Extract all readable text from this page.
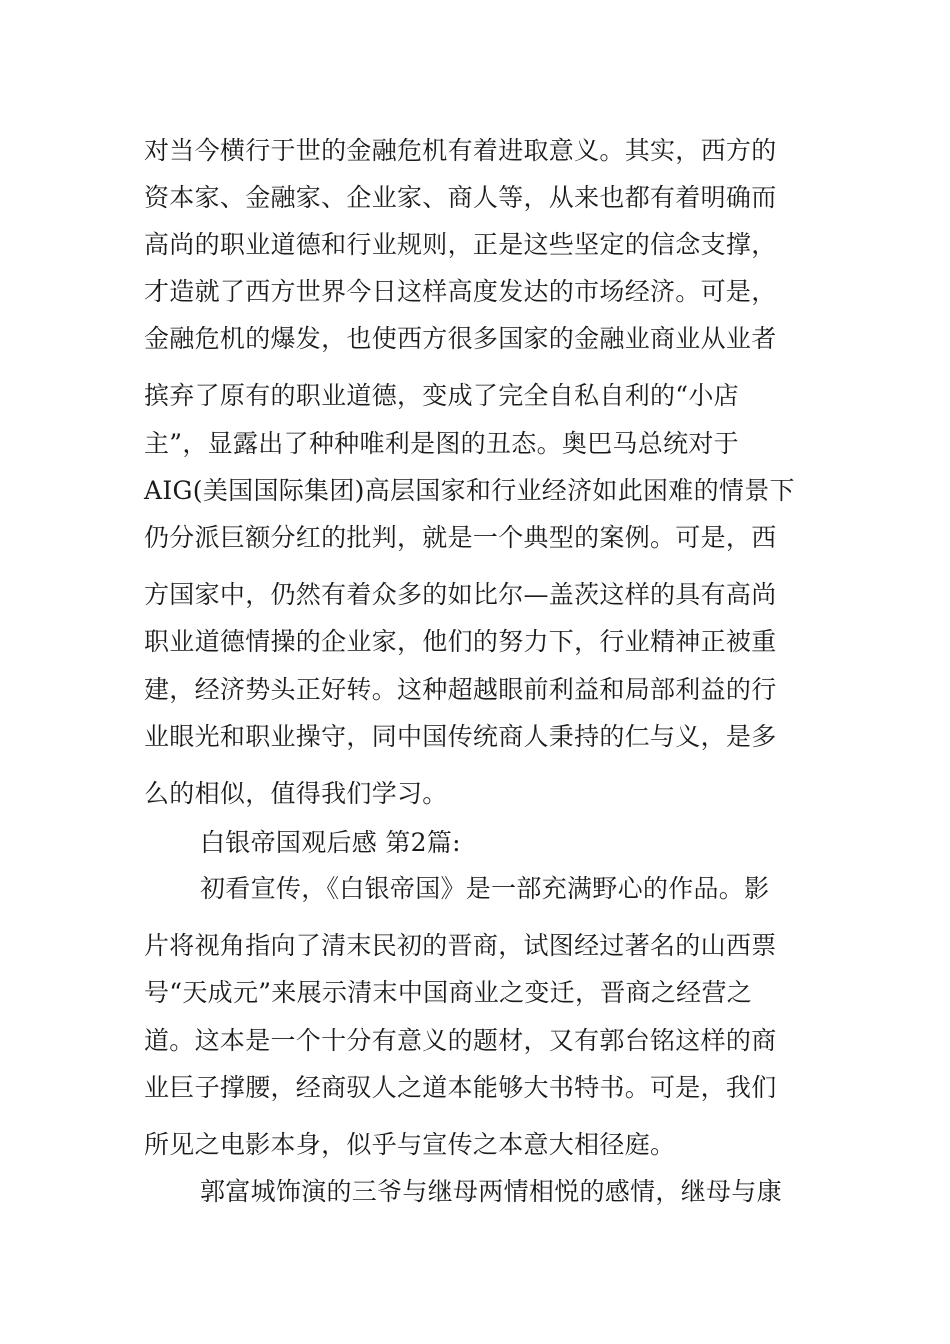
对当今横行于世的金融危机有着进取意义。其实，西方的
资本家、金融家、企业家、商人等，从来也都有着明确而
高尚的职业道德和行业规则，正是这些坚定的信念支撑，
才造就了西方世界今日这样高度发达的市场经济。可是，
金融危机的爆发，也使西方很多国家的金融业商业从业者
摈弃了原有的职业道德，变成了完全自私自利的“小店
主”，显露出了种种唯利是图的丑态。奥巴马总统对于
AIG(美国国际集团)高层国家和行业经济如此困难的情景下
仍分派巨额分红的批判，就是一个典型的案例。可是，西
方国家中，仍然有着众多的如比尔—盖茨这样的具有高尚
职业道德情操的企业家，他们的努力下，行业精神正被重
建，经济势头正好转。这种超越眼前利益和局部利益的行
业眼光和职业操守，同中国传统商人秉持的仁与义，是多
么的相似，值得我们学习。
白银帝国观后感 第2篇:
初看宣传，《白银帝国》是一部充满野心的作品。影
片将视角指向了清末民初的晋商，试图经过著名的山西票
号“天成元”来展示清末中国商业之变迁，晋商之经营之
道。这本是一个十分有意义的题材，又有郭台铭这样的商
业巨子撑腰，经商驭人之道本能够大书特书。可是，我们
所见之电影本身，似乎与宣传之本意大相径庭。
郭富城饰演的三爷与继母两情相悦的感情，继母与康
